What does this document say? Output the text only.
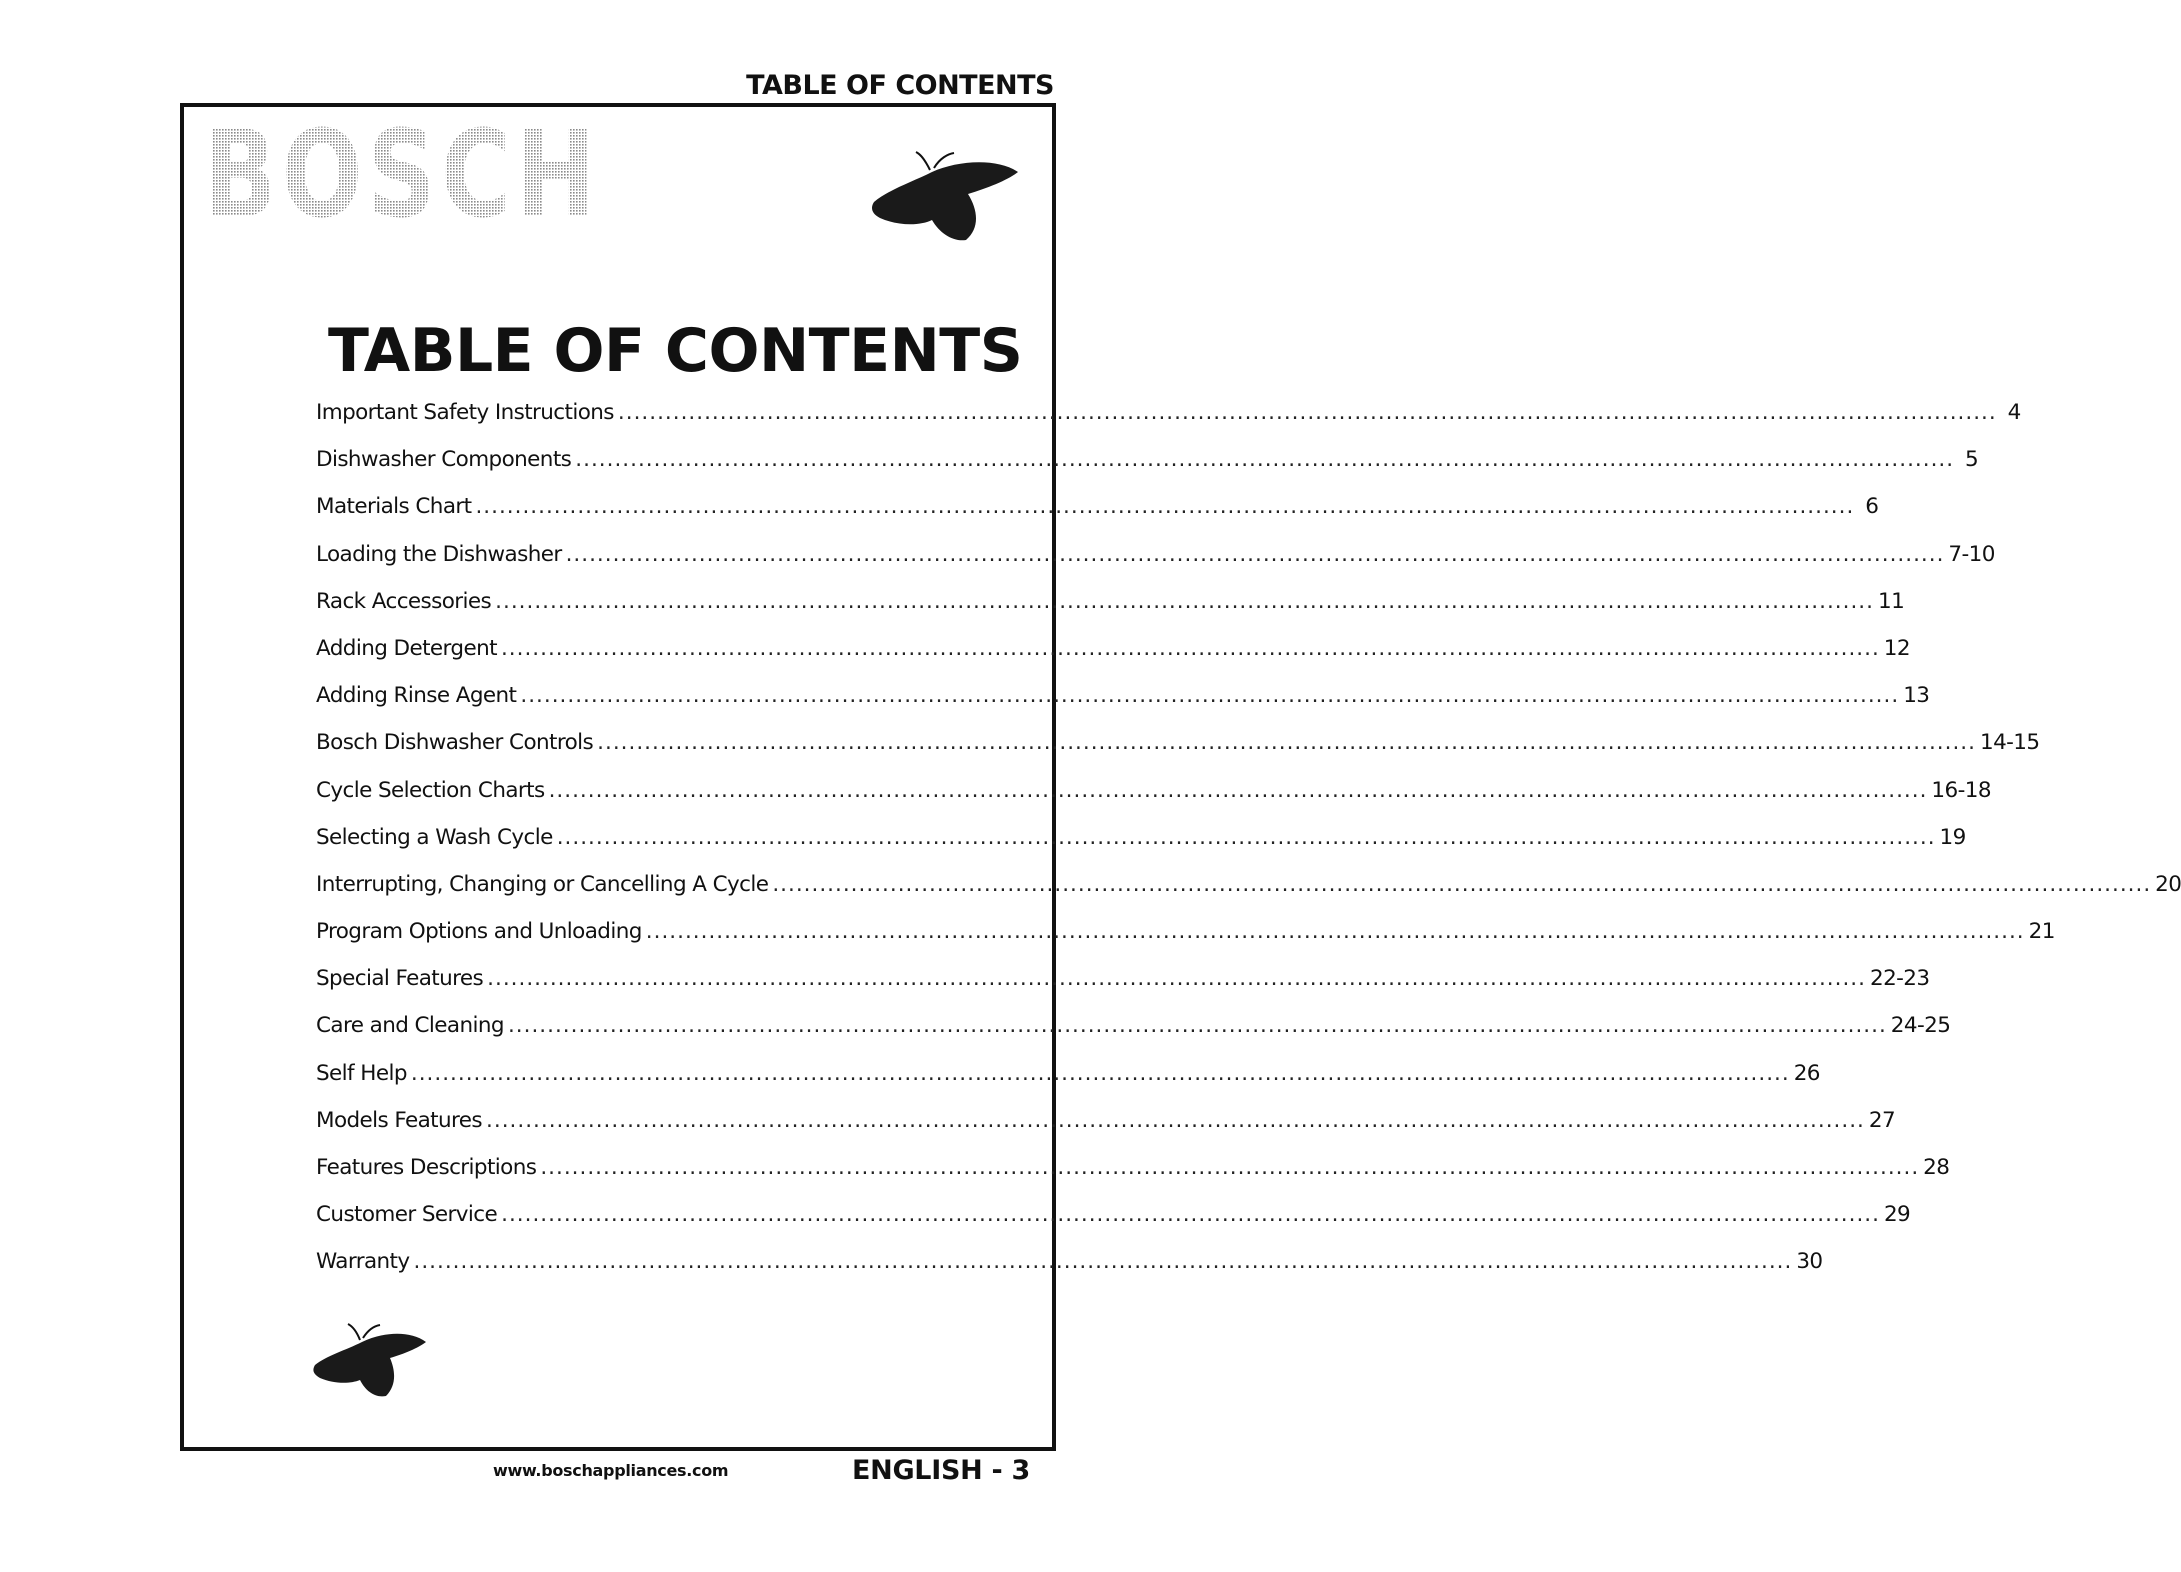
TABLE OF CONTENTS
BOSCH
TABLE OF CONTENTS
Important Safety Instructions .....	4
Dishwasher Components .....	5
Materials Chart .....	6
Loading the Dishwasher .....	7-10
Rack Accessories .....	11
Adding Detergent .....	12
Adding Rinse Agent .....	13
Bosch Dishwasher Controls .....	14-15
Cycle Selection Charts .....	16-18
Selecting a Wash Cycle .....	19
Interrupting, Changing or Cancelling A Cycle .....	20
Program Options and Unloading .....	21
Special Features .....	22-23
Care and Cleaning .....	24-25
Self Help .....	26
Models Features .....	27
Features Descriptions .....	28
Customer Service .....	29
Warranty .....	30
www.boschappliances.com	ENGLISH - 3
